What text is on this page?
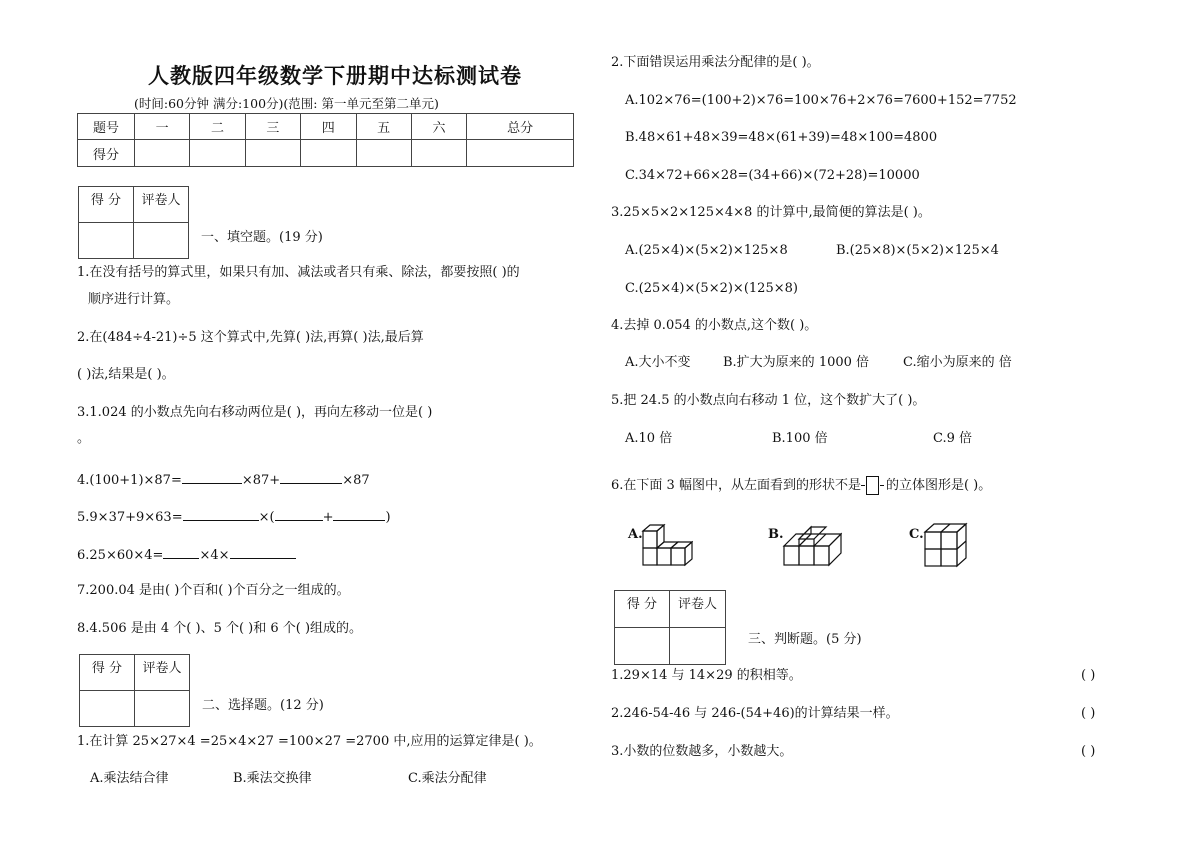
人教版四年级数学下册期中达标测试卷
(时间:60分钟 满分:100分)(范围: 第一单元至第二单元)
题号	一	二	三	四	五	六	总分
得分							
得 分	评卷人

一、填空题。(19 分)
1.在没有括号的算式里，如果只有加、减法或者只有乘、除法，都要按照( )的
顺序进行计算。
2.在(484÷4-21)÷5 这个算式中,先算( )法,再算( )法,最后算
( )法,结果是( )。
3.1.024 的小数点先向右移动两位是( )，再向左移动一位是( )
。
4.(100+1)×87=	×87+	×87
5.9×37+9×63=	×(	+	)
6.25×60×4=	×4×
7.200.04 是由( )个百和( )个百分之一组成的。
8.4.506 是由 4 个( )、5 个( )和 6 个( )组成的。
得 分	评卷人

二、选择题。(12 分)
1.在计算 25×27×4 =25×4×27 =100×27 =2700 中,应用的运算定律是( )。
A.乘法结合律	B.乘法交换律	C.乘法分配律
2.下面错误运用乘法分配律的是( )。
A.102×76=(100+2)×76=100×76+2×76=7600+152=7752
B.48×61+48×39=48×(61+39)=48×100=4800
C.34×72+66×28=(34+66)×(72+28)=10000
3.25×5×2×125×4×8 的计算中,最简便的算法是( )。
A.(25×4)×(5×2)×125×8	B.(25×8)×(5×2)×125×4
C.(25×4)×(5×2)×(125×8)
4.去掉 0.054 的小数点,这个数( )。
A.大小不变 B.扩大为原来的 1000 倍	C.缩小为原来的 倍
5.把 24.5 的小数点向右移动 1 位，这个数扩大了( )。
A.10 倍	B.100 倍	C.9 倍
6.在下面 3 幅图中，从左面看到的形状不是 的立体图形是( )。
A.	B.	C.
得 分	评卷人

三、判断题。(5 分)
1.29×14 与 14×29 的积相等。	( )
2.246-54-46 与 246-(54+46)的计算结果一样。	( )
3.小数的位数越多，小数越大。	( )
